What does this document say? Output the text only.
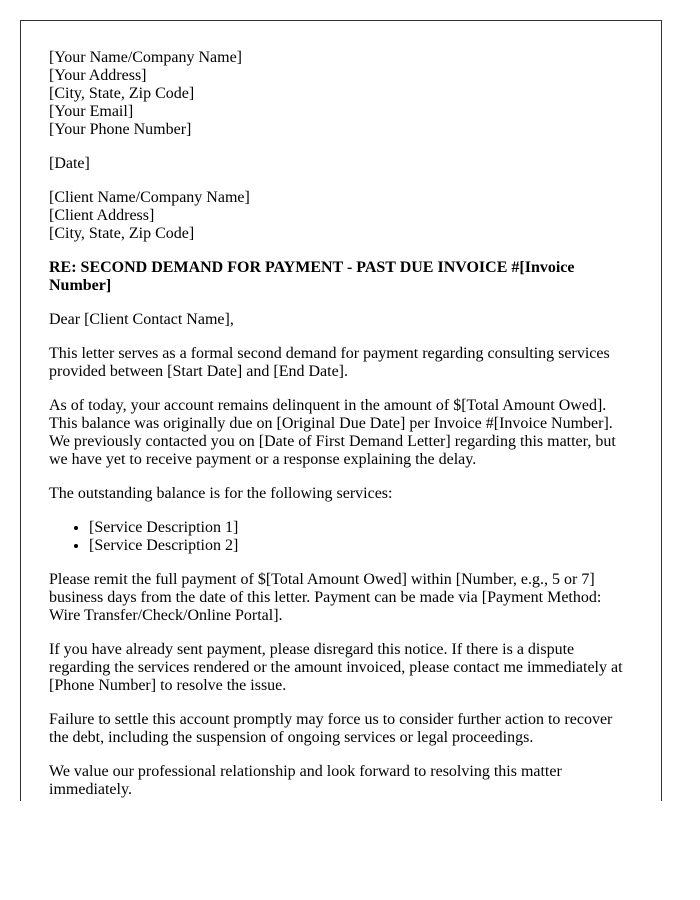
[Your Name/Company Name]
[Your Address]
[City, State, Zip Code]
[Your Email]
[Your Phone Number]

[Date]

[Client Name/Company Name]
[Client Address]
[City, State, Zip Code]

RE: SECOND DEMAND FOR PAYMENT - PAST DUE INVOICE #[Invoice Number]

Dear [Client Contact Name],

This letter serves as a formal second demand for payment regarding consulting services provided between [Start Date] and [End Date].

As of today, your account remains delinquent in the amount of $[Total Amount Owed]. This balance was originally due on [Original Due Date] per Invoice #[Invoice Number]. We previously contacted you on [Date of First Demand Letter] regarding this matter, but we have yet to receive payment or a response explaining the delay.

The outstanding balance is for the following services:

• [Service Description 1]
• [Service Description 2]

Please remit the full payment of $[Total Amount Owed] within [Number, e.g., 5 or 7] business days from the date of this letter. Payment can be made via [Payment Method: Wire Transfer/Check/Online Portal].

If you have already sent payment, please disregard this notice. If there is a dispute regarding the services rendered or the amount invoiced, please contact me immediately at [Phone Number] to resolve the issue.

Failure to settle this account promptly may force us to consider further action to recover the debt, including the suspension of ongoing services or legal proceedings.

We value our professional relationship and look forward to resolving this matter immediately.
